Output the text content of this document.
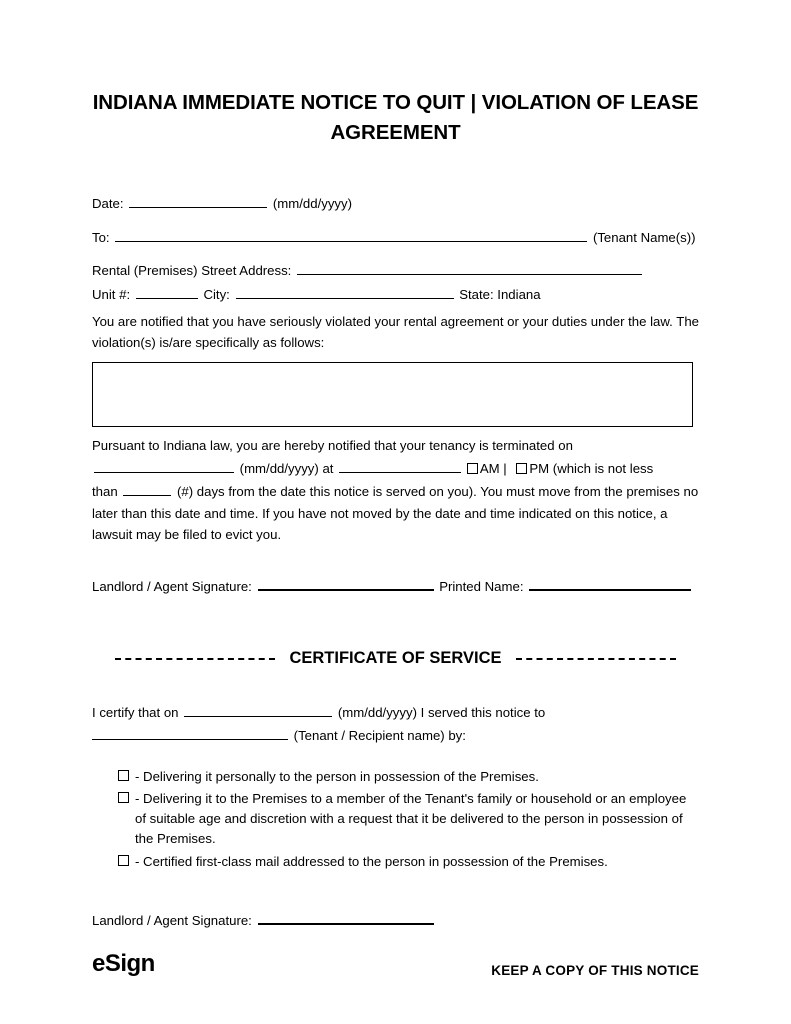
INDIANA IMMEDIATE NOTICE TO QUIT | VIOLATION OF LEASE AGREEMENT
Date:	(mm/dd/yyyy)
To:	(Tenant Name(s))
Rental (Premises) Street Address:
Unit #:	City:	State: Indiana
You are notified that you have seriously violated your rental agreement or your duties under the law. The violation(s) is/are specifically as follows:
Pursuant to Indiana law, you are hereby notified that your tenancy is terminated on
(mm/dd/yyyy) at	AM | PM (which is not less
than	(#) days from the date this notice is served on you). You must move from the premises no later than this date and time. If you have not moved by the date and time indicated on this notice, a lawsuit may be filed to evict you.
Landlord / Agent Signature:	Printed Name:
CERTIFICATE OF SERVICE
I certify that on	(mm/dd/yyyy) I served this notice to
(Tenant / Recipient name) by:
- Delivering it personally to the person in possession of the Premises.
- Delivering it to the Premises to a member of the Tenant's family or household or an employee of suitable age and discretion with a request that it be delivered to the person in possession of the Premises.
- Certified first-class mail addressed to the person in possession of the Premises.
Landlord / Agent Signature:
eSign	KEEP A COPY OF THIS NOTICE
